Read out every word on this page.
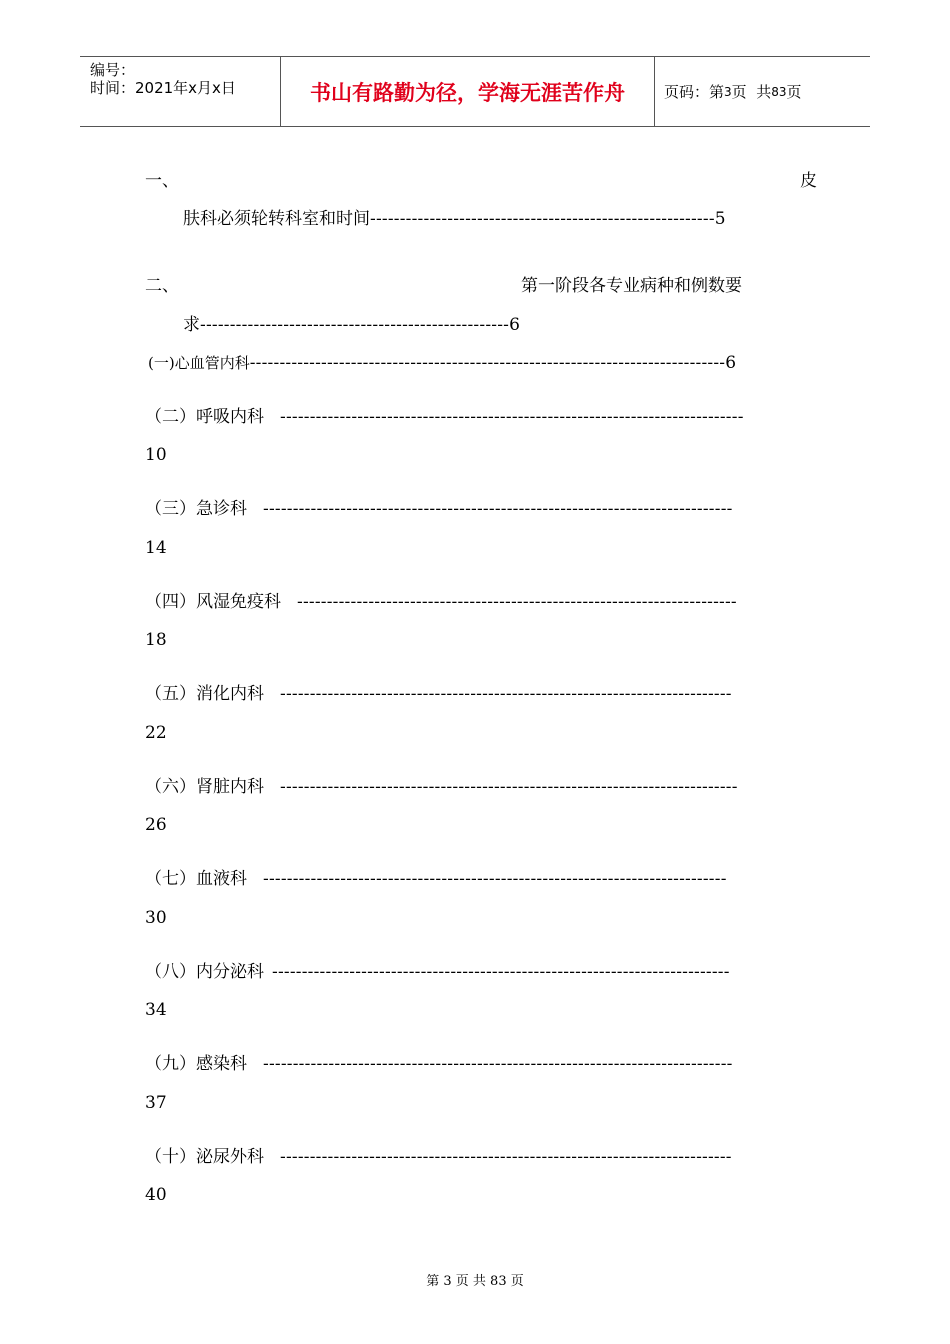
编号：
时间：2021年x月x日	书山有路勤为径，学海无涯苦作舟	页码：第 3 页  共 83 页
一、	皮
肤科必须轮转科室和时间----------------------------------------------------------5
二、	第一阶段各专业病种和例数要
求----------------------------------------------------6
(一)心血管内科--------------------------------------------------------------------------------6
（二）呼吸内科 ------------------------------------------------------------------------------
10
（三）急诊科 -------------------------------------------------------------------------------
14
（四）风湿免疫科 --------------------------------------------------------------------------
18
（五）消化内科 ----------------------------------------------------------------------------
22
（六）肾脏内科 -----------------------------------------------------------------------------
26
（七）血液科 ------------------------------------------------------------------------------
30
（八）内分泌科 -----------------------------------------------------------------------------
34
（九）感染科 -------------------------------------------------------------------------------
37
（十）泌尿外科 ----------------------------------------------------------------------------
40
第 3 页 共 83 页
